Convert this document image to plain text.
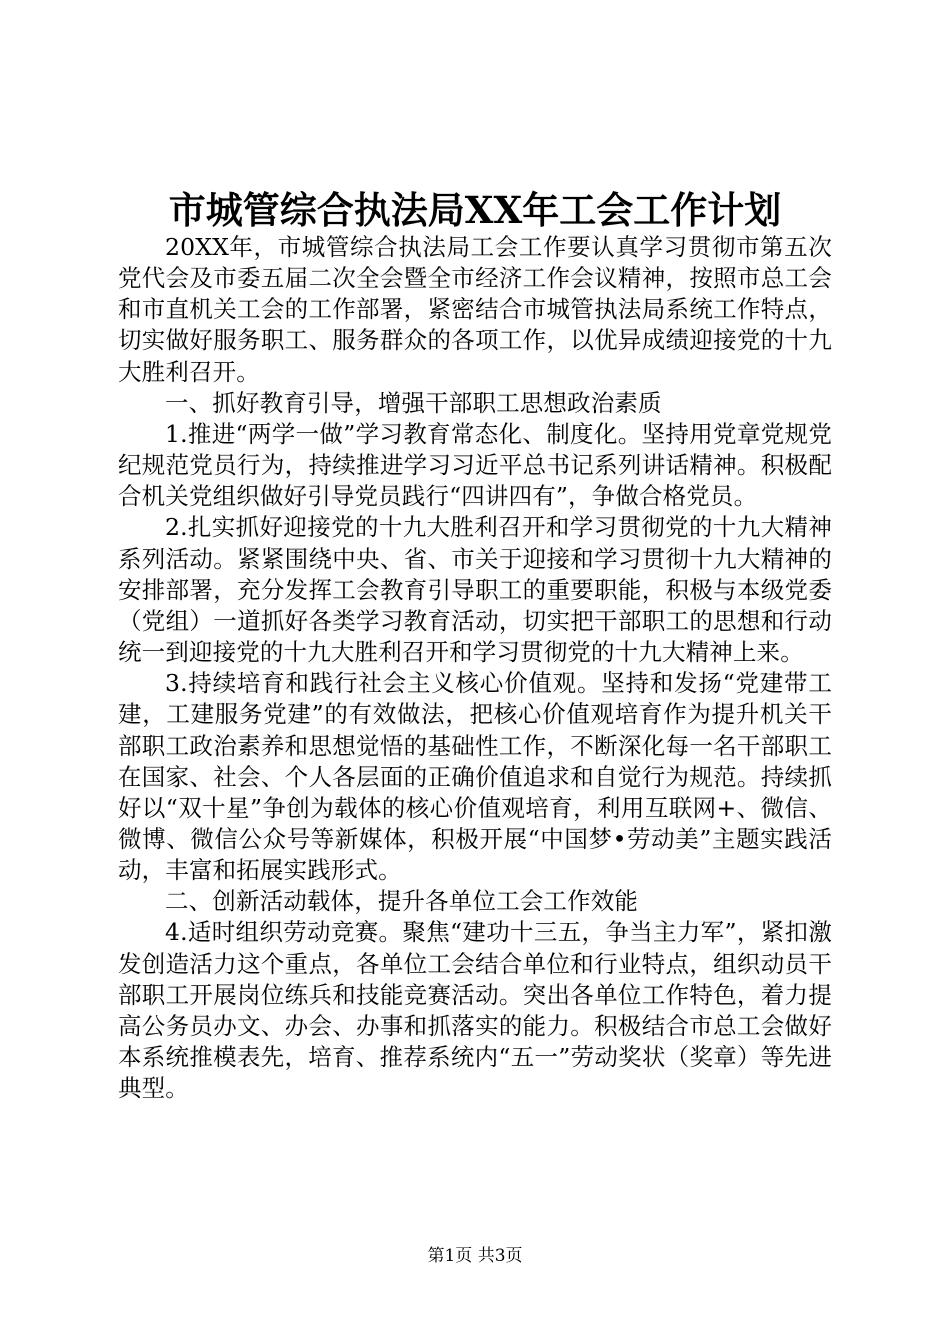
市城管综合执法局XX年工会工作计划

20XX年，市城管综合执法局工会工作要认真学习贯彻市第五次党代会及市委五届二次全会暨全市经济工作会议精神，按照市总工会和市直机关工会的工作部署，紧密结合市城管执法局系统工作特点，切实做好服务职工、服务群众的各项工作，以优异成绩迎接党的十九大胜利召开。

一、抓好教育引导，增强干部职工思想政治素质

1.推进“两学一做”学习教育常态化、制度化。坚持用党章党规党纪规范党员行为，持续推进学习习近平总书记系列讲话精神。积极配合机关党组织做好引导党员践行“四讲四有”，争做合格党员。

2.扎实抓好迎接党的十九大胜利召开和学习贯彻党的十九大精神系列活动。紧紧围绕中央、省、市关于迎接和学习贯彻十九大精神的安排部署，充分发挥工会教育引导职工的重要职能，积极与本级党委（党组）一道抓好各类学习教育活动，切实把干部职工的思想和行动统一到迎接党的十九大胜利召开和学习贯彻党的十九大精神上来。

3.持续培育和践行社会主义核心价值观。坚持和发扬“党建带工建，工建服务党建”的有效做法，把核心价值观培育作为提升机关干部职工政治素养和思想觉悟的基础性工作，不断深化每一名干部职工在国家、社会、个人各层面的正确价值追求和自觉行为规范。持续抓好以“双十星”争创为载体的核心价值观培育，利用互联网+、微信、微博、微信公众号等新媒体，积极开展“中国梦•劳动美”主题实践活动，丰富和拓展实践形式。

二、创新活动载体，提升各单位工会工作效能

4.适时组织劳动竞赛。聚焦“建功十三五，争当主力军”，紧扣激发创造活力这个重点，各单位工会结合单位和行业特点，组织动员干部职工开展岗位练兵和技能竞赛活动。突出各单位工作特色，着力提高公务员办文、办会、办事和抓落实的能力。积极结合市总工会做好本系统推模表先，培育、推荐系统内“五一”劳动奖状（奖章）等先进典型。

第1页 共3页
